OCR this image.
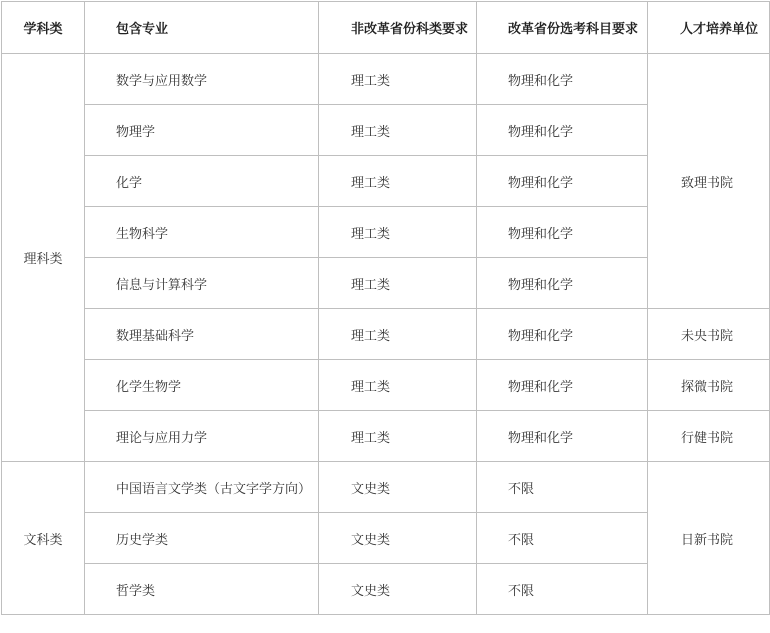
学科类	包含专业	非改革省份科类要求	改革省份选考科目要求	人才培养单位
理科类	数学与应用数学	理工类	物理和化学	致理书院
	物理学	理工类	物理和化学	
	化学	理工类	物理和化学	
	生物科学	理工类	物理和化学	
	信息与计算科学	理工类	物理和化学	
	数理基础科学	理工类	物理和化学	未央书院
	化学生物学	理工类	物理和化学	探微书院
	理论与应用力学	理工类	物理和化学	行健书院
文科类	中国语言文学类（古文字学方向）	文史类	不限	日新书院
	历史学类	文史类	不限	
	哲学类	文史类	不限	
